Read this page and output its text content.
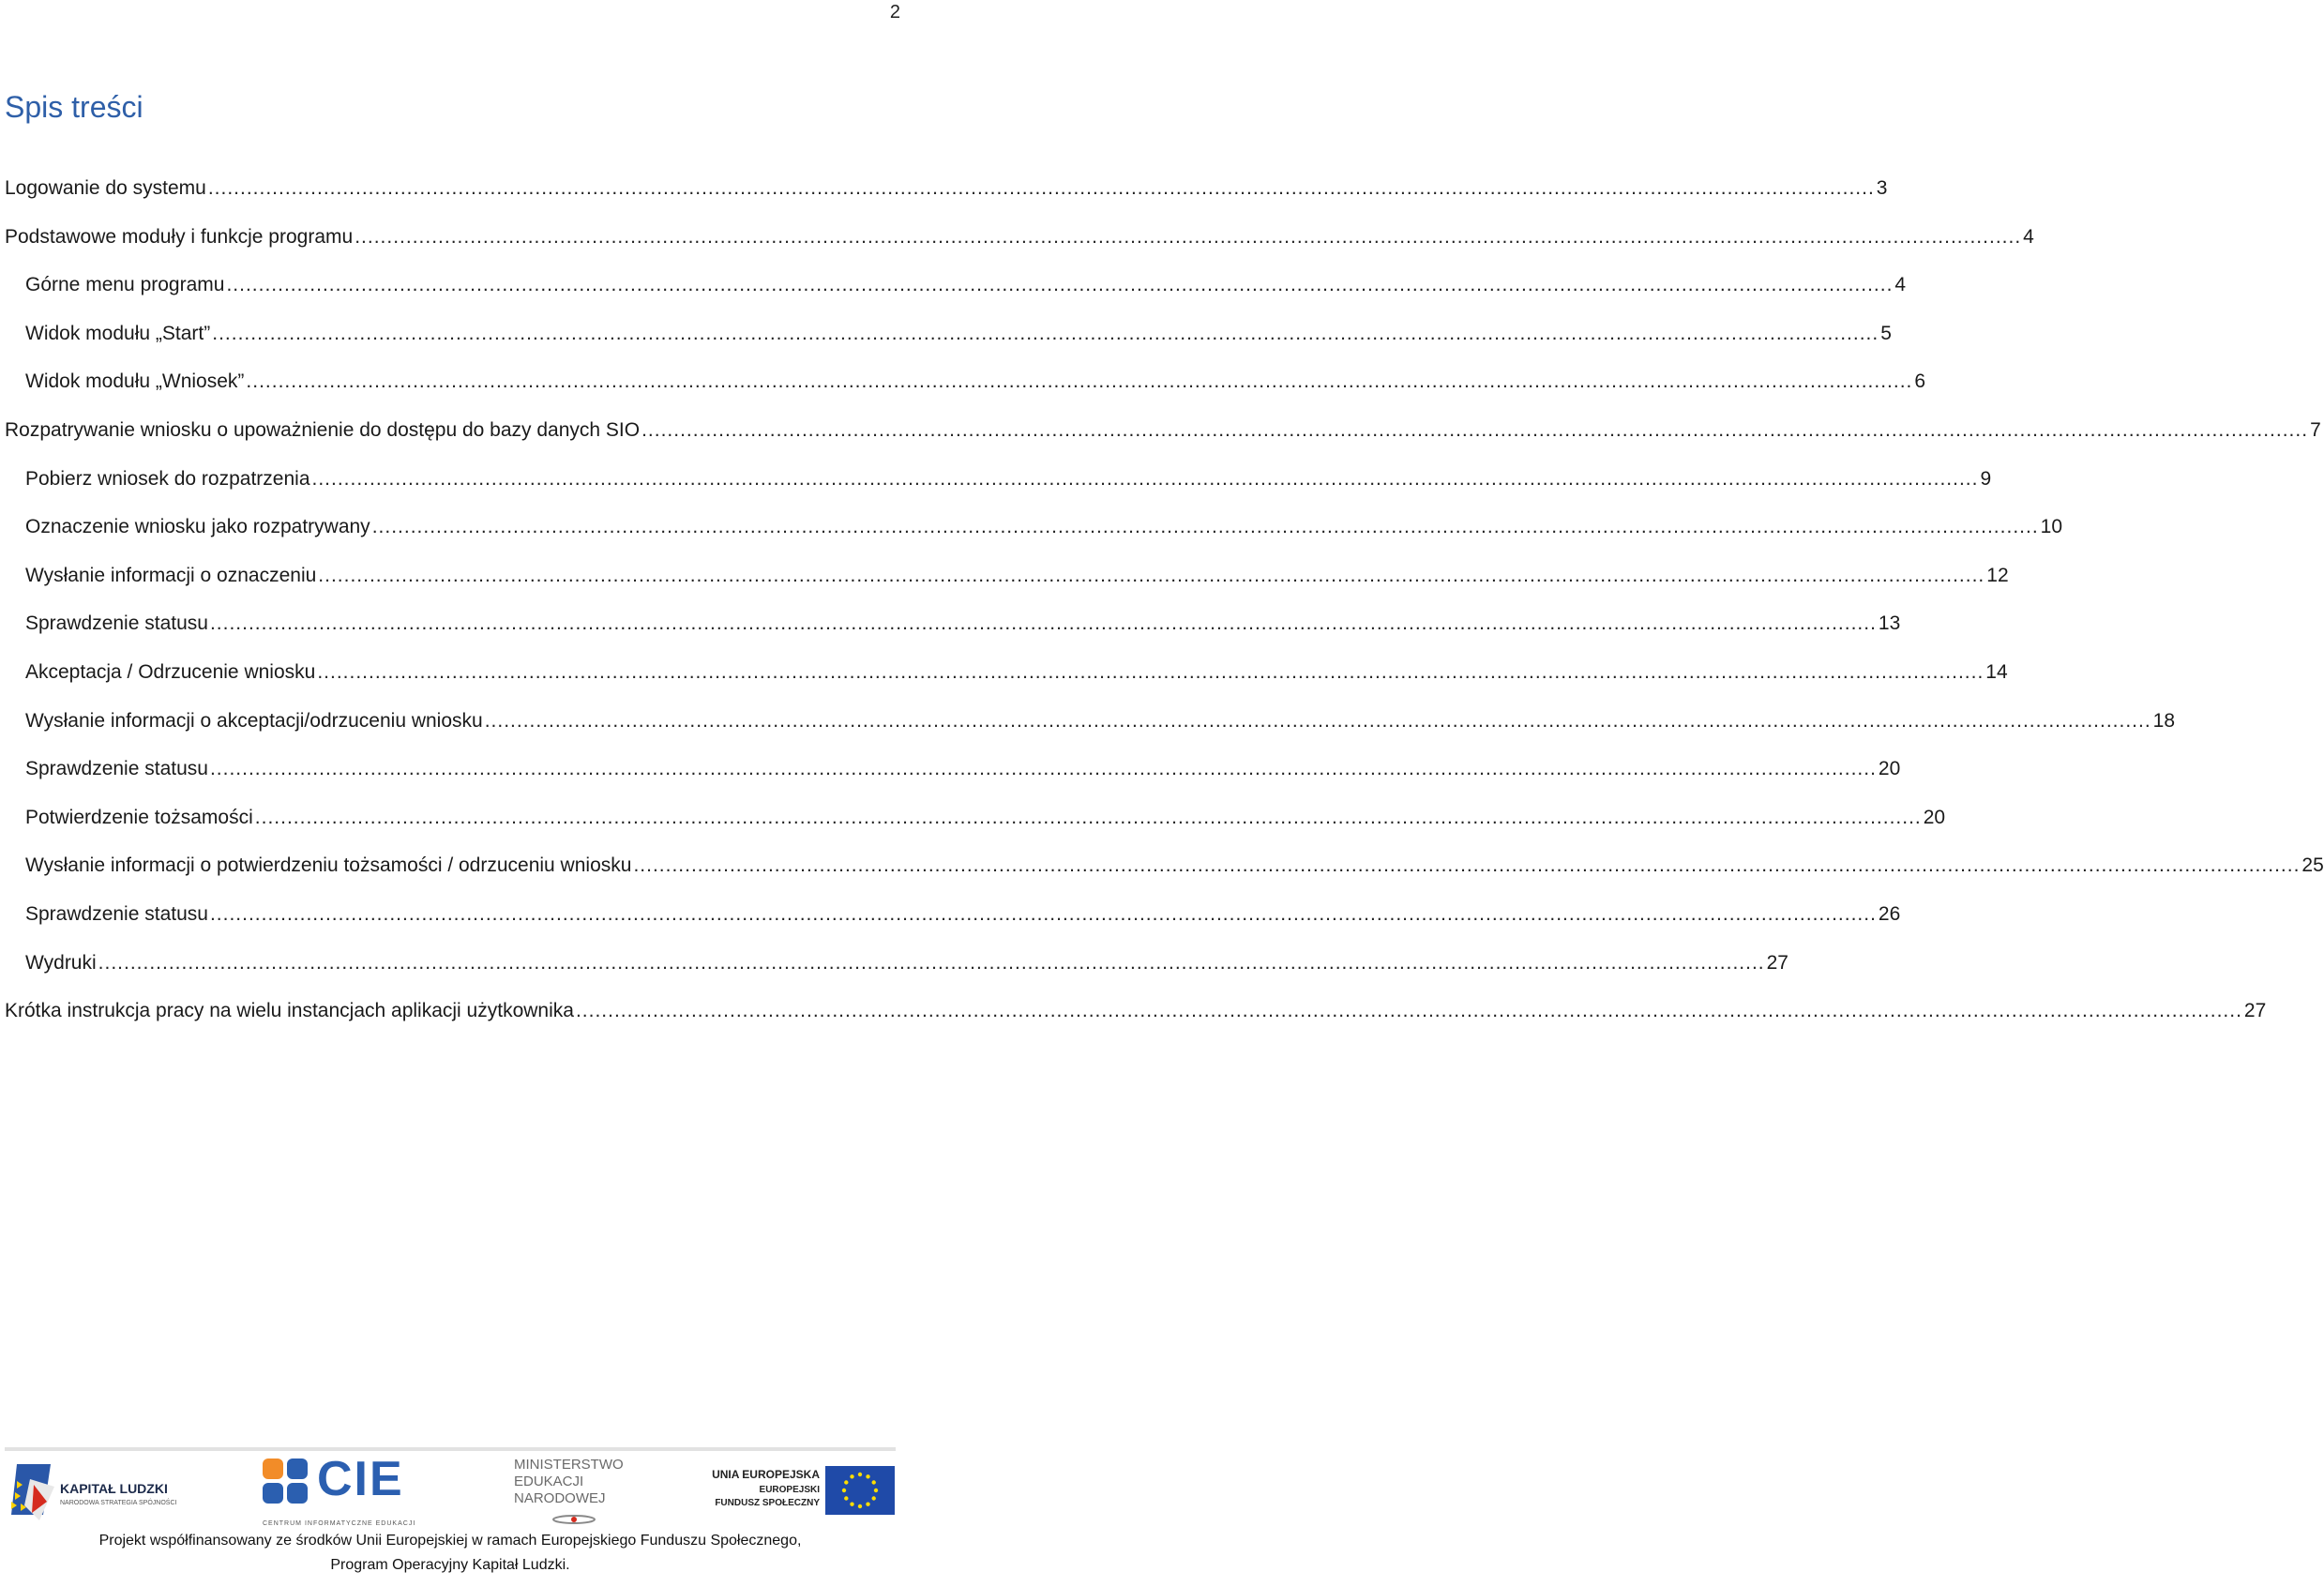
2
Spis treści
Logowanie do systemu .................................................................................................................................................................................................................................................................... 3
Podstawowe moduły i funkcje programu .................................................................................................................................................................................................................................................................... 4
Górne menu programu .................................................................................................................................................................................................................................................................... 4
Widok modułu „Start” .................................................................................................................................................................................................................................................................... 5
Widok modułu „Wniosek” .................................................................................................................................................................................................................................................................... 6
Rozpatrywanie wniosku o upoważnienie do dostępu do bazy danych SIO .................................................................................................................................................................................................................................................................... 7
Pobierz wniosek do rozpatrzenia .................................................................................................................................................................................................................................................................... 9
Oznaczenie wniosku jako rozpatrywany .................................................................................................................................................................................................................................................................... 10
Wysłanie informacji o oznaczeniu .................................................................................................................................................................................................................................................................... 12
Sprawdzenie statusu .................................................................................................................................................................................................................................................................... 13
Akceptacja / Odrzucenie wniosku .................................................................................................................................................................................................................................................................... 14
Wysłanie informacji o akceptacji/odrzuceniu wniosku .................................................................................................................................................................................................................................................................... 18
Sprawdzenie statusu .................................................................................................................................................................................................................................................................... 20
Potwierdzenie tożsamości .................................................................................................................................................................................................................................................................... 20
Wysłanie informacji o potwierdzeniu tożsamości / odrzuceniu wniosku .................................................................................................................................................................................................................................................................... 25
Sprawdzenie statusu .................................................................................................................................................................................................................................................................... 26
Wydruki .................................................................................................................................................................................................................................................................... 27
Krótka instrukcja pracy na wielu instancjach aplikacji użytkownika .................................................................................................................................................................................................................................................................... 27
KAPITAŁ LUDZKI
NARODOWA STRATEGIA SPÓJNOŚCI	CIE
CENTRUM INFORMATYCZNE EDUKACJI
MINISTERSTWO
EDUKACJI
NARODOWEJ
UNIA EUROPEJSKA
EUROPEJSKI
FUNDUSZ SPOŁECZNY
Projekt współfinansowany ze środków Unii Europejskiej w ramach Europejskiego Funduszu Społecznego,
Program Operacyjny Kapitał Ludzki.
